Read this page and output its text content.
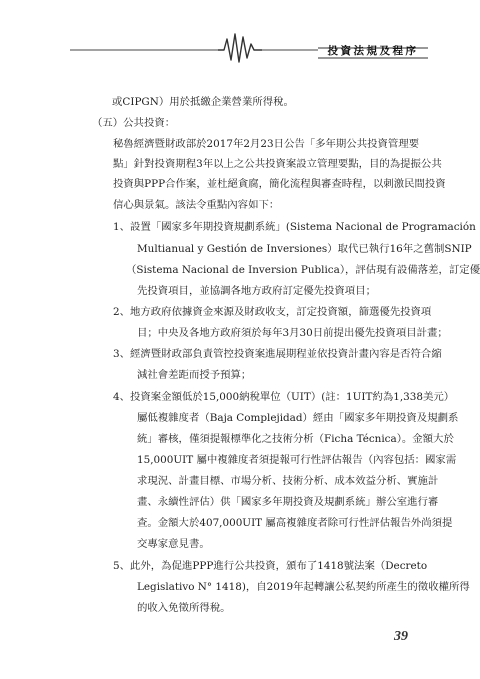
投資法規及程序
或CIPGN）用於抵繳企業營業所得稅。
（五）公共投資：
秘魯經濟暨財政部於2017年2月23日公告「多年期公共投資管理要
點」針對投資期程3年以上之公共投資案設立管理要點，目的為提振公共
投資與PPP合作案，並杜絕貪腐，簡化流程與審查時程，以刺激民間投資
信心與景氣。該法令重點內容如下：
1、設置「國家多年期投資規劃系統」(Sistema Nacional de Programación
Multianual y Gestión de Inversiones）取代已執行16年之舊制SNIP
（Sistema Nacional de Inversion Publica），評估現有設備落差，訂定優
先投資項目，並協調各地方政府訂定優先投資項目；
2、地方政府依據資金來源及財政收支，訂定投資額，篩選優先投資項
目；中央及各地方政府須於每年3月30日前提出優先投資項目計畫；
3、經濟暨財政部負責管控投資案進展期程並依投資計畫內容是否符合縮
減社會差距而授予預算；
4、投資案金額低於15,000納稅單位（UIT）(註：1UIT約為1,338美元）
屬低複雜度者（Baja Complejidad）經由「國家多年期投資及規劃系
統」審核，僅須提報標準化之技術分析（Ficha Técnica）。金額大於
15,000UIT 屬中複雜度者須提報可行性評估報告（內容包括：國家需
求現況、計畫目標、市場分析、技術分析、成本效益分析、實施計
畫、永續性評估）供「國家多年期投資及規劃系統」辦公室進行審
查。金額大於407,000UIT 屬高複雜度者除可行性評估報告外尚須提
交專家意見書。
5、此外，為促進PPP進行公共投資，頒布了1418號法案（Decreto
Legislativo N° 1418)，自2019年起轉讓公私契約所產生的徵收權所得
的收入免徵所得稅。
39
